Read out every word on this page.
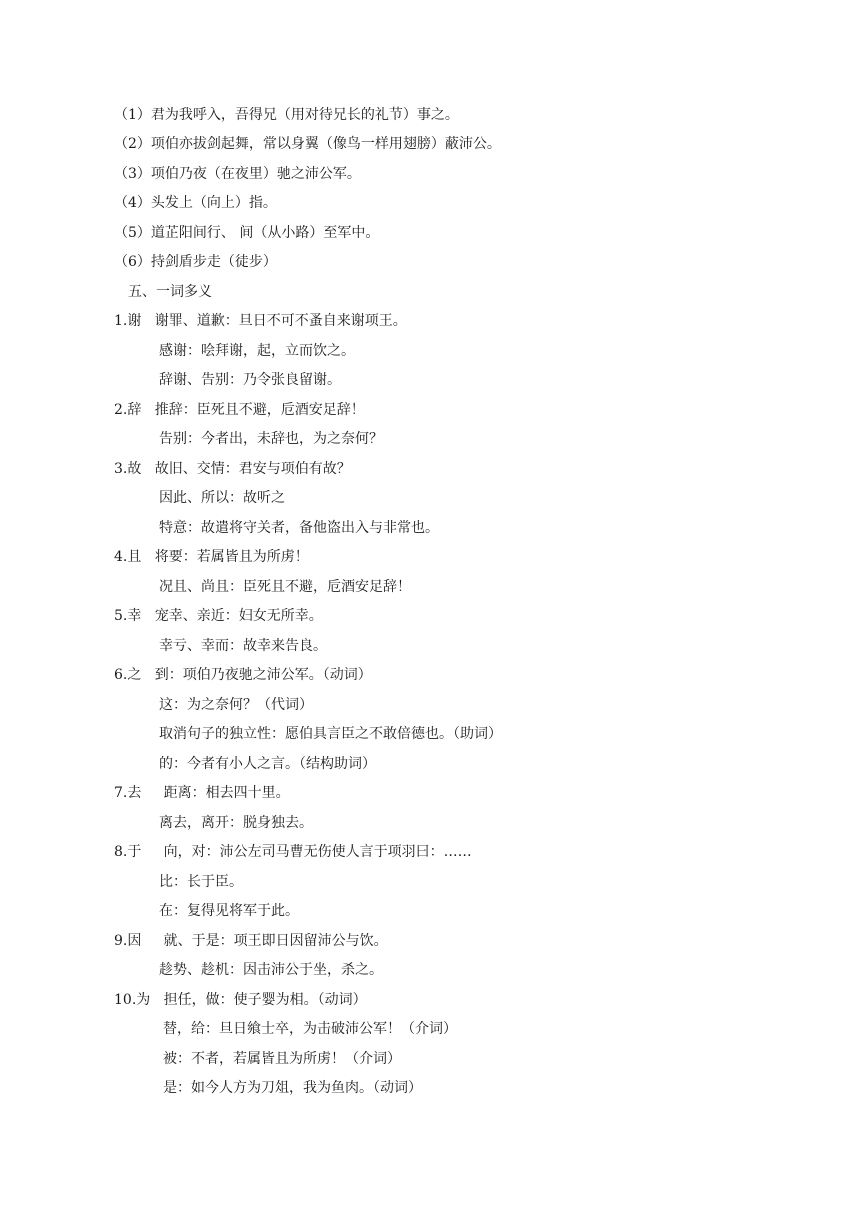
（1）君为我呼入，吾得兄（用对待兄长的礼节）事之。
（2）项伯亦拔剑起舞，常以身翼（像鸟一样用翅膀）蔽沛公。
（3）项伯乃夜（在夜里）驰之沛公军。
（4）头发上（向上）指。
（5）道芷阳间行、 间（从小路）至军中。
（6）持剑盾步走（徒步）
五、一词多义
1.谢   谢罪、道歉：旦日不可不蚤自来谢项王。
感谢：哙拜谢，起，立而饮之。
辞谢、告别：乃令张良留谢。
2.辞   推辞：臣死且不避，卮酒安足辞！
告别：今者出，未辞也，为之奈何？
3.故   故旧、交情：君安与项伯有故？
因此、所以：故听之
特意：故遣将守关者，备他盗出入与非常也。
4.且   将要：若属皆且为所虏！
况且、尚且：臣死且不避，卮酒安足辞！
5.幸   宠幸、亲近：妇女无所幸。
幸亏、幸而：故幸来告良。
6.之   到：项伯乃夜驰之沛公军。（动词）
这：为之奈何？（代词）
取消句子的独立性：愿伯具言臣之不敢倍德也。（助词）
的：今者有小人之言。（结构助词）
7.去     距离：相去四十里。
离去，离开：脱身独去。
8.于     向，对：沛公左司马曹无伤使人言于项羽曰：……
比：长于臣。
在：复得见将军于此。
9.因     就、于是：项王即日因留沛公与饮。
趁势、趁机：因击沛公于坐，杀之。
10.为   担任，做：使子婴为相。（动词）
替，给：旦日飨士卒，为击破沛公军！（介词）
被：不者，若属皆且为所虏！（介词）
是：如今人方为刀俎，我为鱼肉。（动词）
